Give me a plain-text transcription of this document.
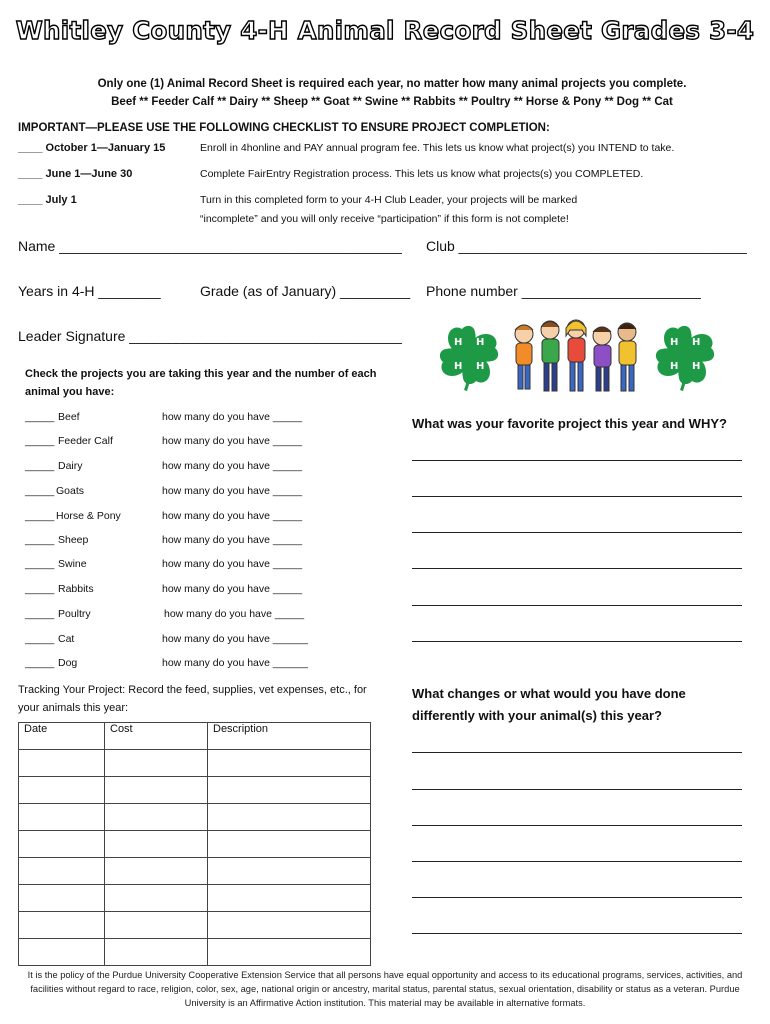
Whitley County 4-H Animal Record Sheet Grades 3-4
Only one (1) Animal Record Sheet is required each year, no matter how many animal projects you complete.
Beef ** Feeder Calf ** Dairy ** Sheep ** Goat ** Swine ** Rabbits ** Poultry ** Horse & Pony ** Dog ** Cat
IMPORTANT—PLEASE USE THE FOLLOWING CHECKLIST TO ENSURE PROJECT COMPLETION:
____ October 1—January 15	Enroll in 4honline and PAY annual program fee. This lets us know what project(s) you INTEND to take.
____ June 1—June 30	Complete FairEntry Registration process. This lets us know what projects(s) you COMPLETED.
____ July 1	Turn in this completed form to your 4-H Club Leader, your projects will be marked “incomplete” and you will only receive “participation” if this form is not complete!
Name ____________________________________________ Club _____________________________________
Years in 4-H ________	Grade (as of January) _________ Phone number _______________________
Leader Signature ___________________________________	H H
H
H
H H
H
H
Check the projects you are taking this year and the number of each animal you have:
_____ Beef	how many do you have _____
_____ Feeder Calf	how many do you have _____
_____ Dairy	how many do you have _____
_____ Goats	how many do you have _____
_____ Horse & Pony	how many do you have _____
_____ Sheep	how many do you have _____
_____ Swine	how many do you have _____
_____ Rabbits	how many do you have _____
_____ Poultry	how many do you have _____
_____ Cat	how many do you have ______
_____ Dog	how many do you have ______
What was your favorite project this year and WHY?
What changes or what would you have done differently with your animal(s) this year?
Tracking Your Project: Record the feed, supplies, vet expenses, etc., for your animals this year:
Date	Cost	Description

It is the policy of the Purdue University Cooperative Extension Service that all persons have equal opportunity and access to its educational programs, services, activities, and facilities without regard to race, religion, color, sex, age, national origin or ancestry, marital status, parental status, sexual orientation, disability or status as a veteran. Purdue University is an Affirmative Action institution. This material may be available in alternative formats.
